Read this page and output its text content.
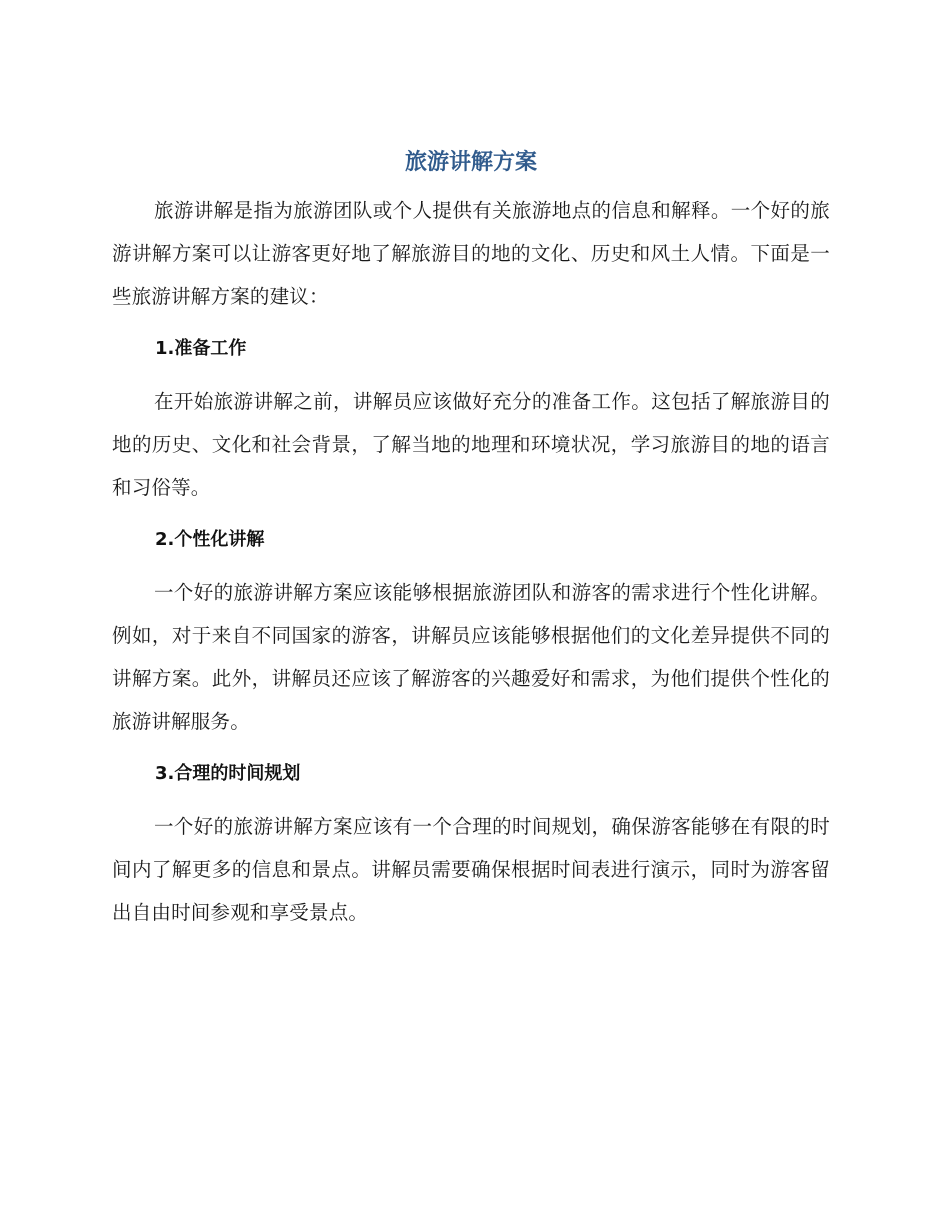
旅游讲解方案

旅游讲解是指为旅游团队或个人提供有关旅游地点的信息和解释。一个好的旅游讲解方案可以让游客更好地了解旅游目的地的文化、历史和风土人情。下面是一些旅游讲解方案的建议：

1.准备工作

在开始旅游讲解之前，讲解员应该做好充分的准备工作。这包括了解旅游目的地的历史、文化和社会背景，了解当地的地理和环境状况，学习旅游目的地的语言和习俗等。

2.个性化讲解

一个好的旅游讲解方案应该能够根据旅游团队和游客的需求进行个性化讲解。例如，对于来自不同国家的游客，讲解员应该能够根据他们的文化差异提供不同的讲解方案。此外，讲解员还应该了解游客的兴趣爱好和需求，为他们提供个性化的旅游讲解服务。

3.合理的时间规划

一个好的旅游讲解方案应该有一个合理的时间规划，确保游客能够在有限的时间内了解更多的信息和景点。讲解员需要确保根据时间表进行演示，同时为游客留出自由时间参观和享受景点。
